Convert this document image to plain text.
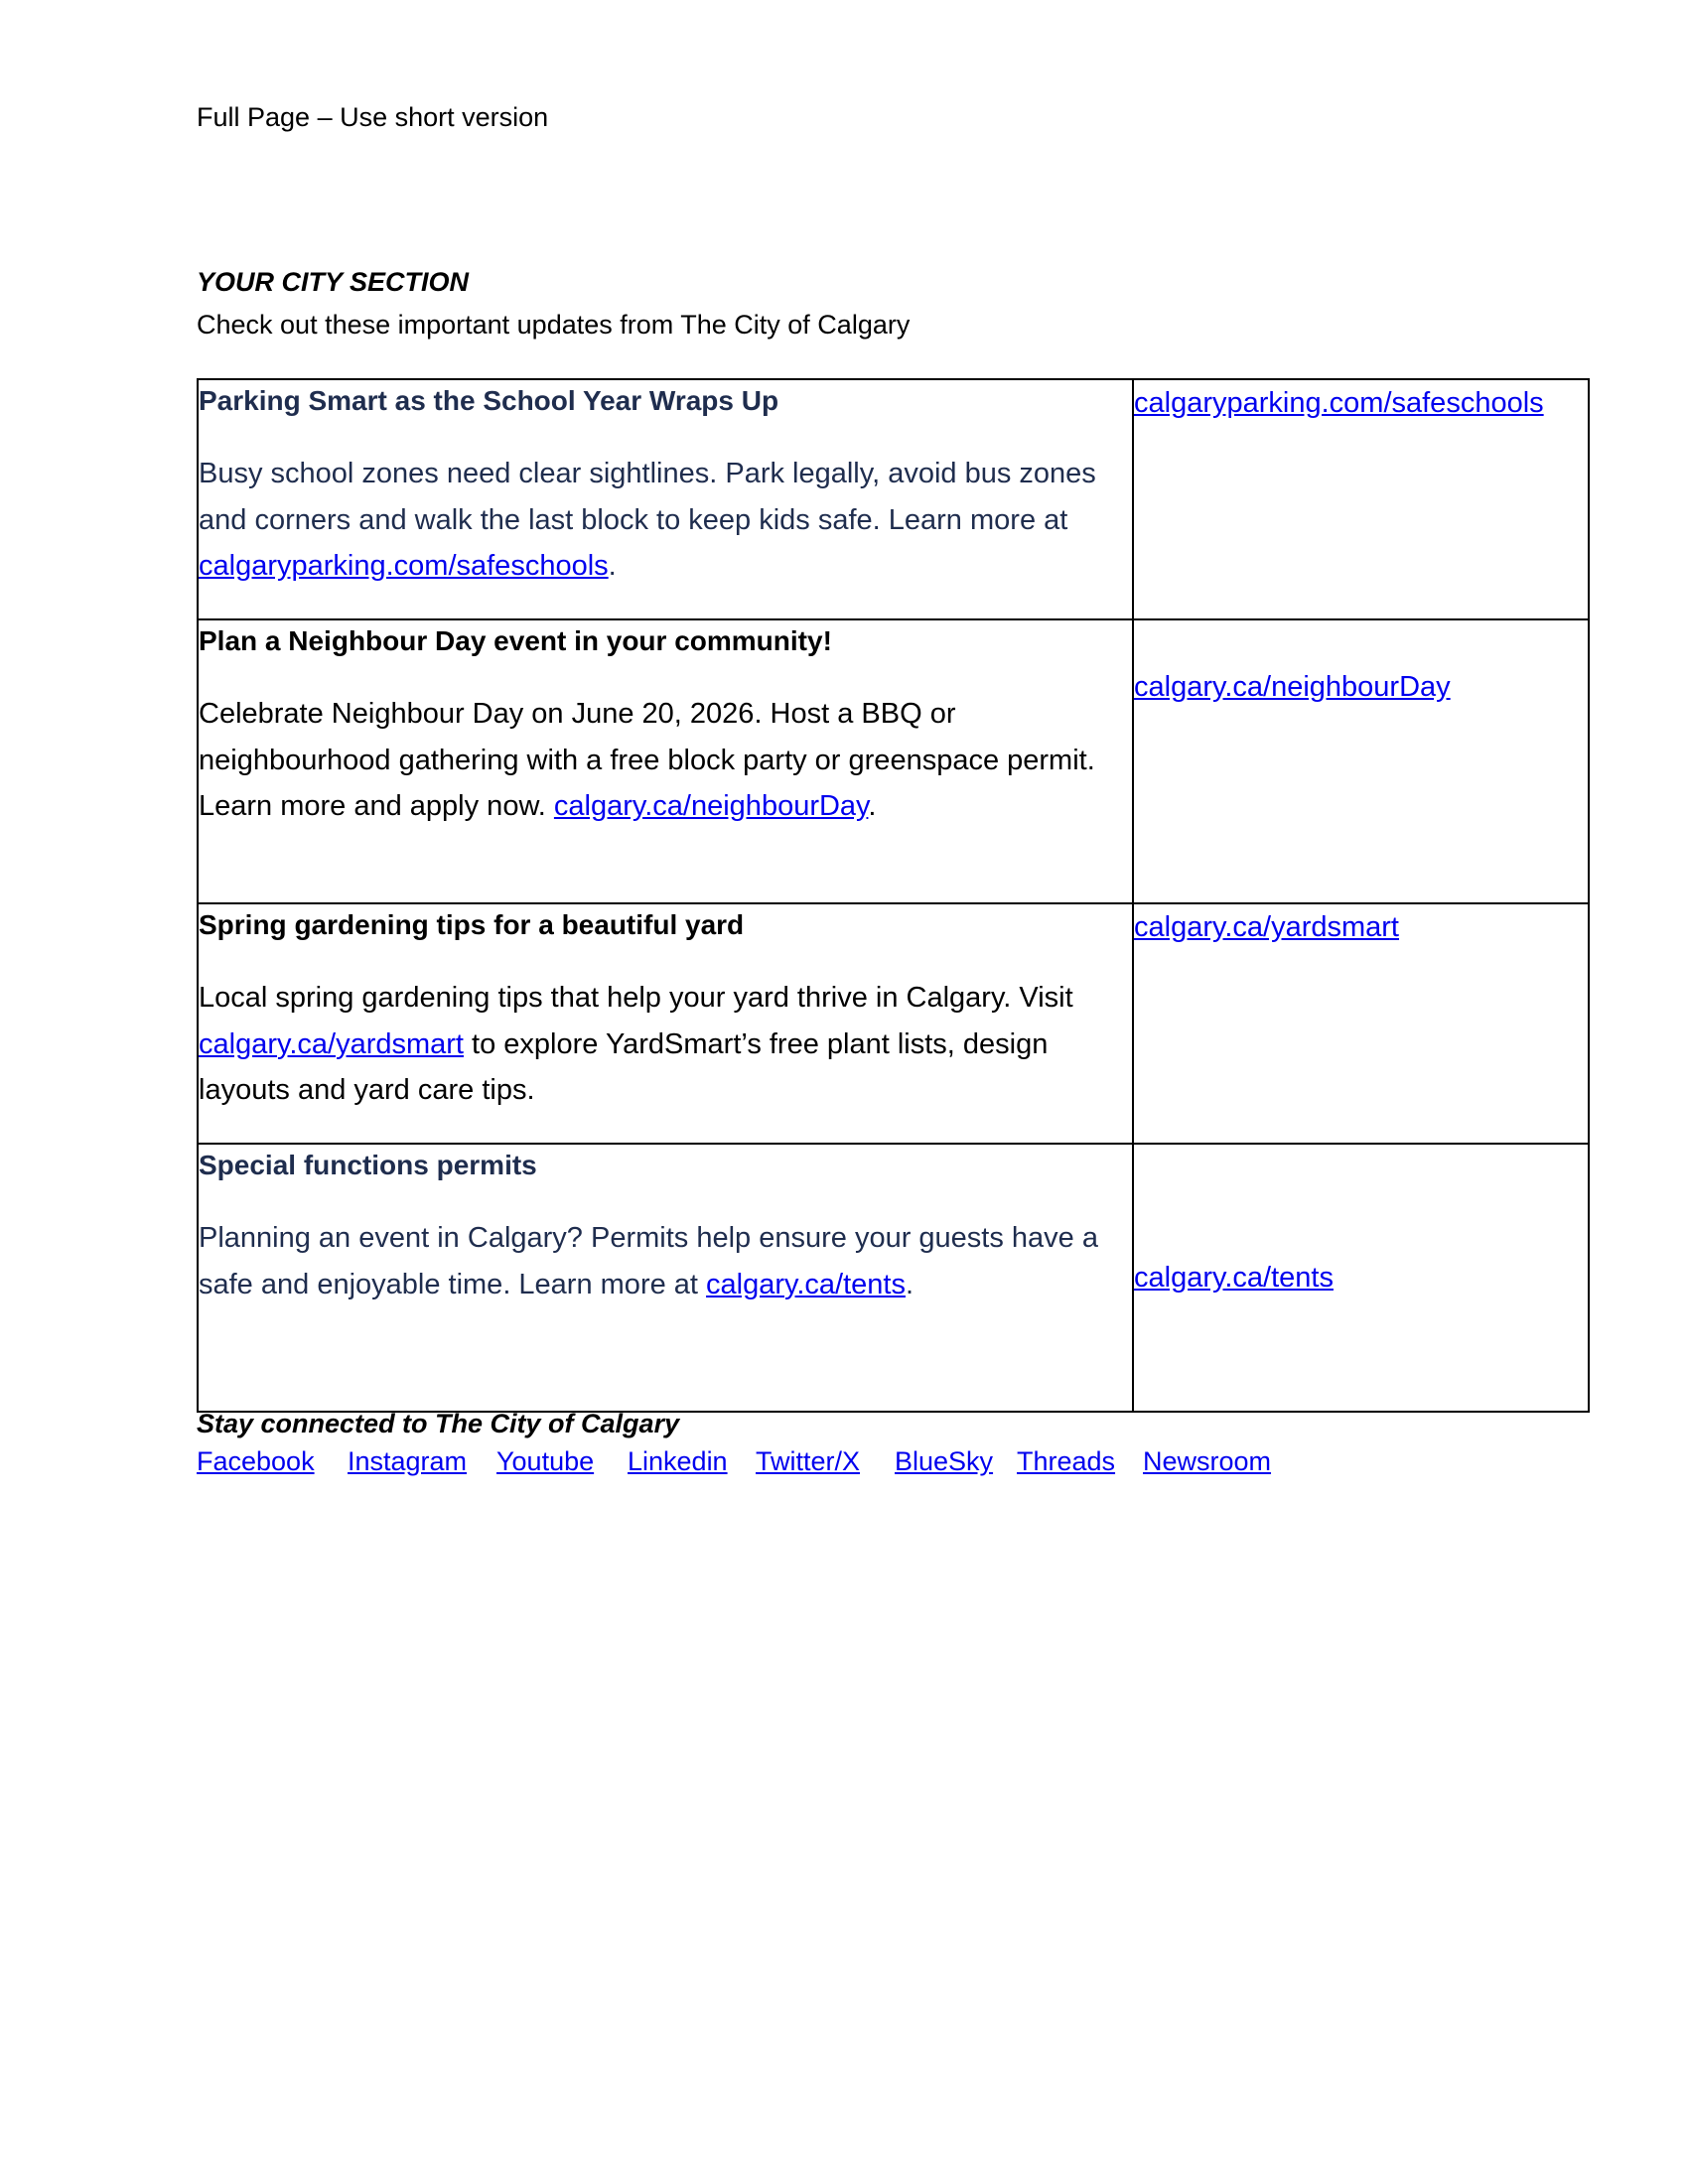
Full Page – Use short version
YOUR CITY SECTION
Check out these important updates from The City of Calgary
Parking Smart as the School Year Wraps Up
Busy school zones need clear sightlines. Park legally, avoid bus zones and corners and walk the last block to keep kids safe. Learn more at calgaryparking.com/safeschools.	calgaryparking.com/safeschools

Plan a Neighbour Day event in your community!
Celebrate Neighbour Day on June 20, 2026. Host a BBQ or neighbourhood gathering with a free block party or greenspace permit. Learn more and apply now. calgary.ca/neighbourDay.	calgary.ca/neighbourDay

Spring gardening tips for a beautiful yard
Local spring gardening tips that help your yard thrive in Calgary. Visit calgary.ca/yardsmart to explore YardSmart’s free plant lists, design layouts and yard care tips.	calgary.ca/yardsmart

Special functions permits
Planning an event in Calgary? Permits help ensure your guests have a safe and enjoyable time. Learn more at calgary.ca/tents.	calgary.ca/tents
Stay connected to The City of Calgary
Facebook Instagram Youtube Linkedin Twitter/X BlueSky Threads Newsroom
